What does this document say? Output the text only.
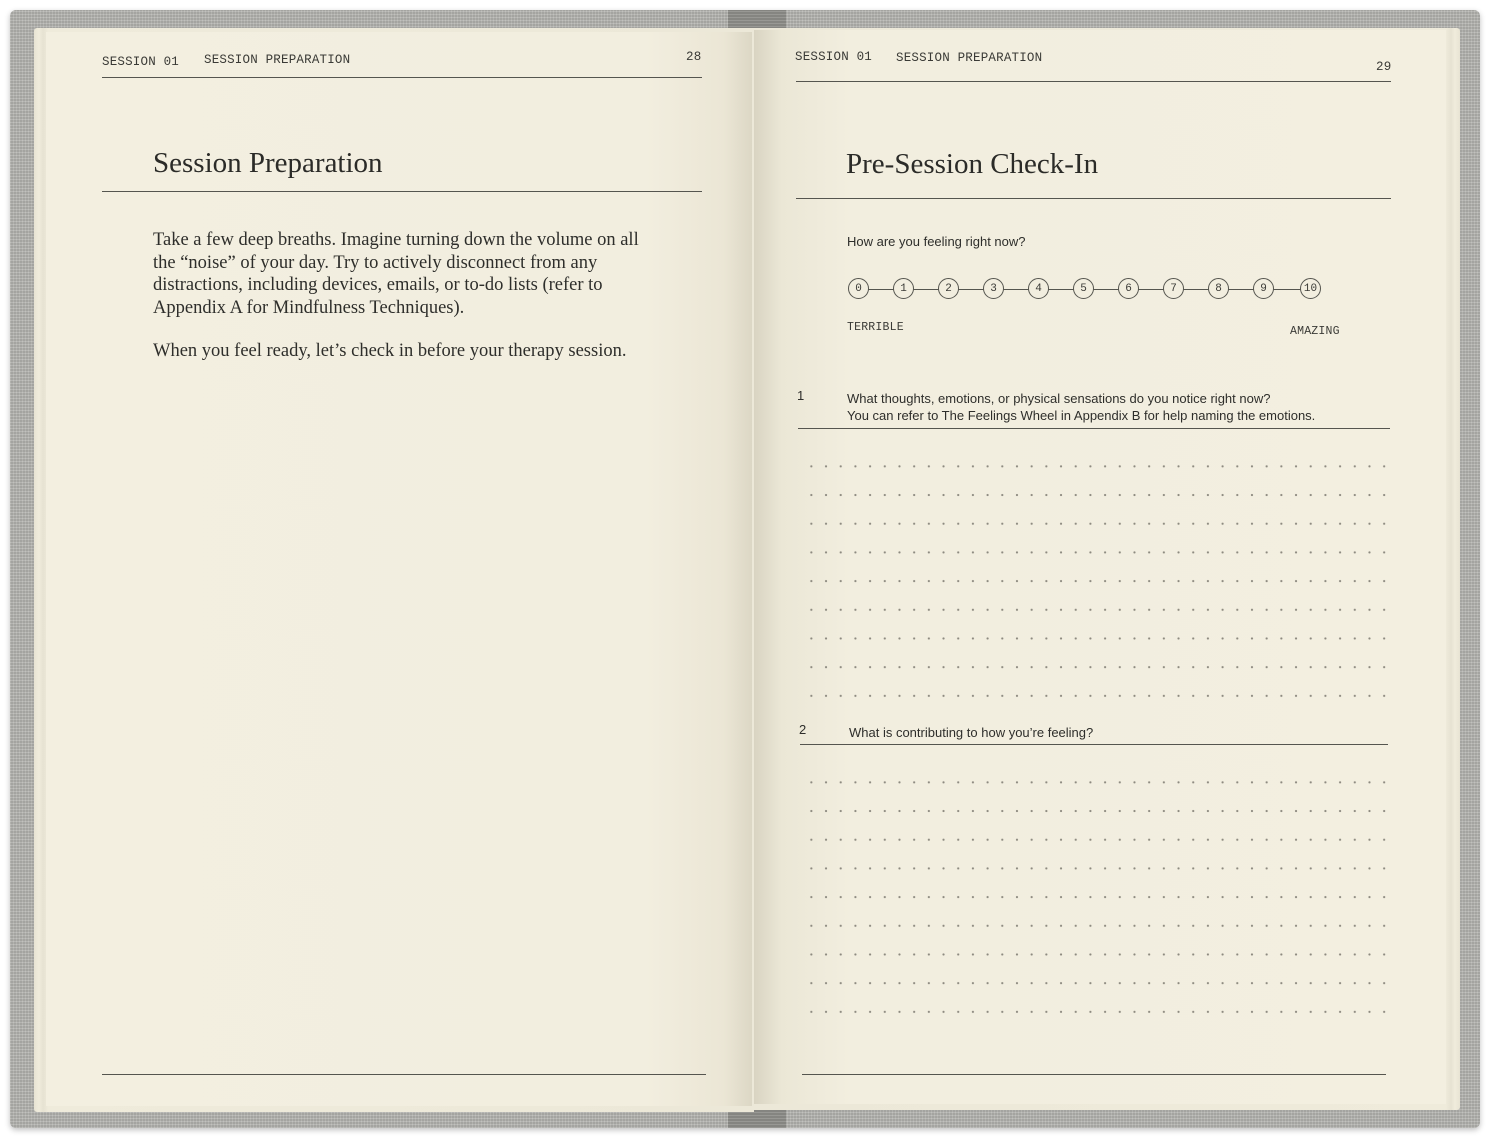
SESSION 01 SESSION PREPARATION	28
Session Preparation

Take a few deep breaths. Imagine turning down the volume on all the “noise” of your day. Try to actively disconnect from any distractions, including devices, emails, or to-do lists (refer to Appendix A for Mindfulness Techniques).

When you feel ready, let’s check in before your therapy session.

SESSION 01 SESSION PREPARATION
29
Pre-Session Check-In
How are you feeling right now?
0	1	2	3	4	5	6	7	8	9	10
TERRIBLE	AMAZING
1	What thoughts, emotions, or physical sensations do you notice right now?
You can refer to The Feelings Wheel in Appendix B for help naming the emotions.
2	What is contributing to how you’re feeling?
